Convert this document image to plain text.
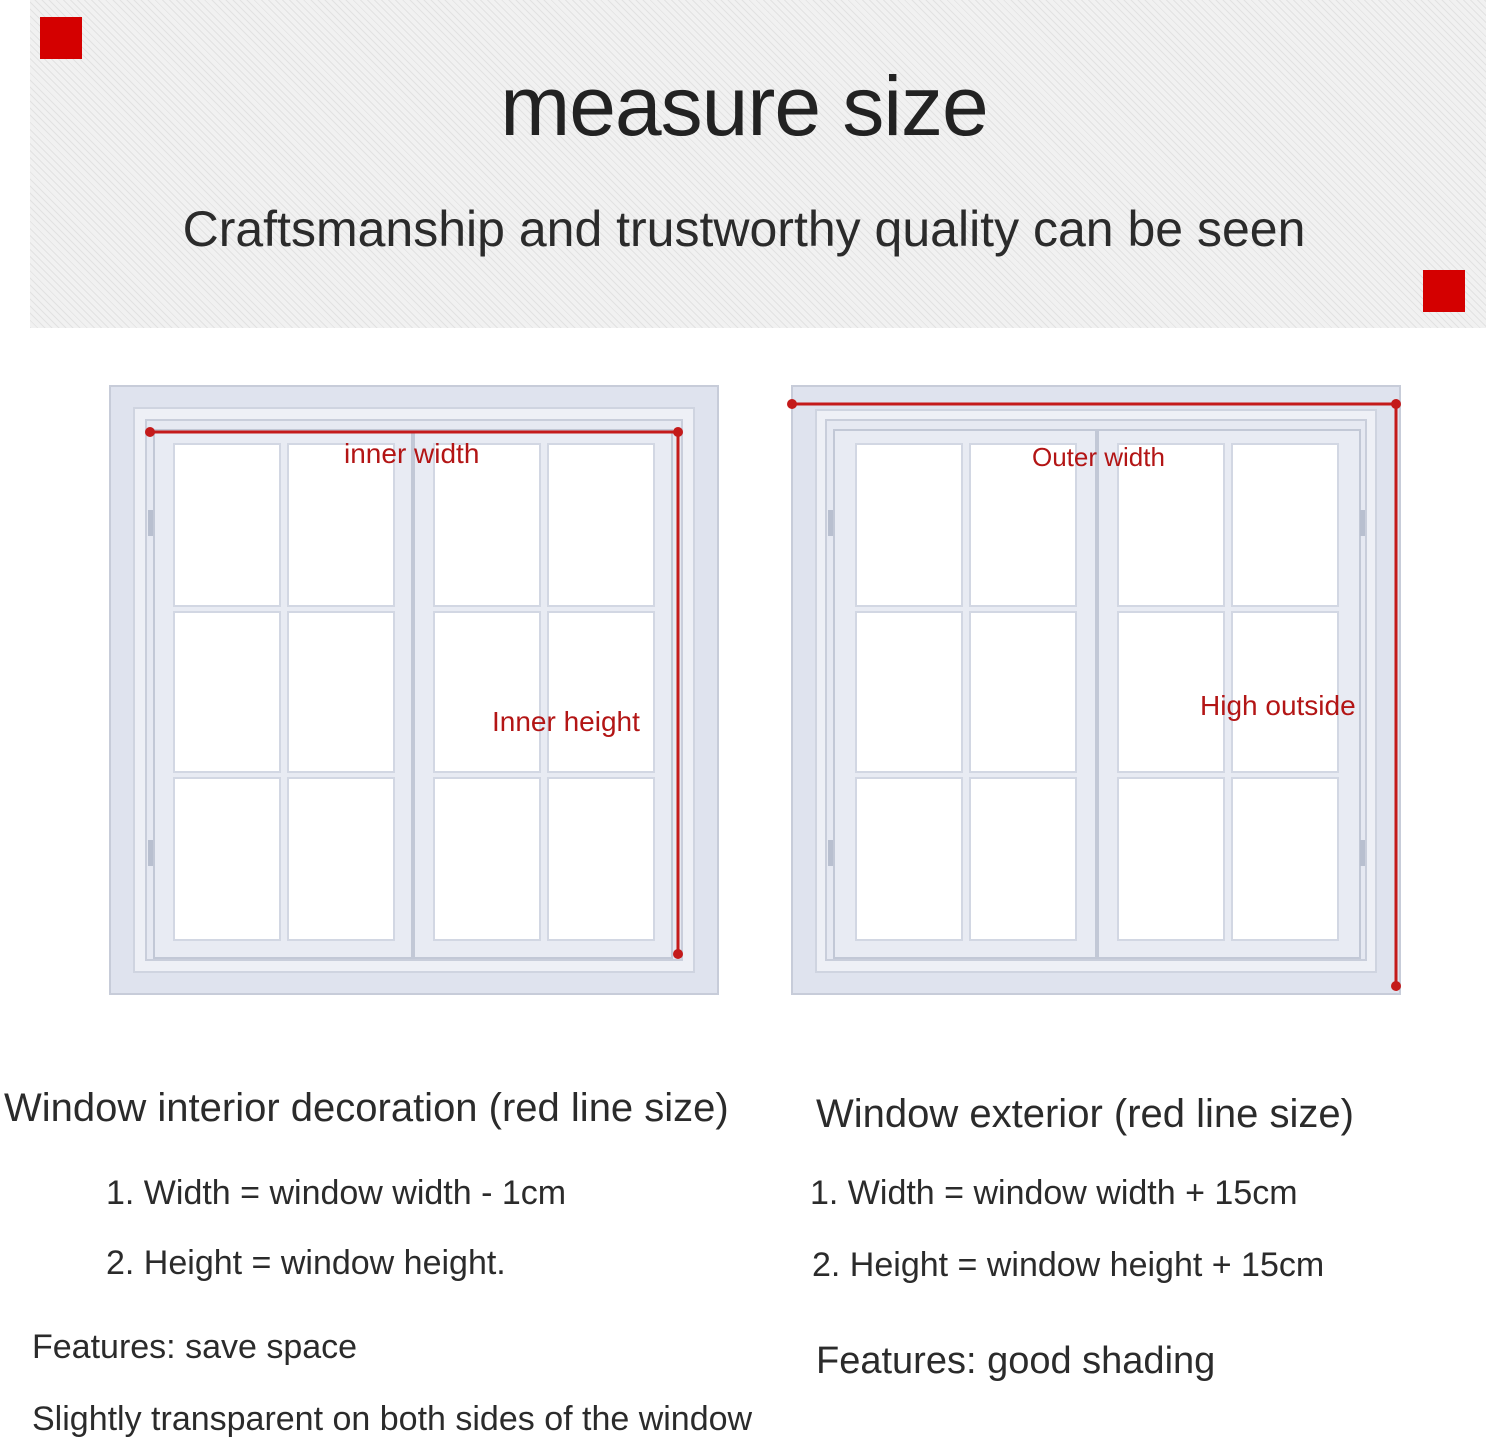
measure size
Craftsmanship and trustworthy quality can be seen
inner width
Inner height
Outer width
High outside
Window interior decoration (red line size)
1. Width = window width - 1cm
2. Height = window height.
Features: save space
Slightly transparent on both sides of the window
Window exterior (red line size)
1. Width = window width + 15cm
2. Height = window height + 15cm
Features: good shading
